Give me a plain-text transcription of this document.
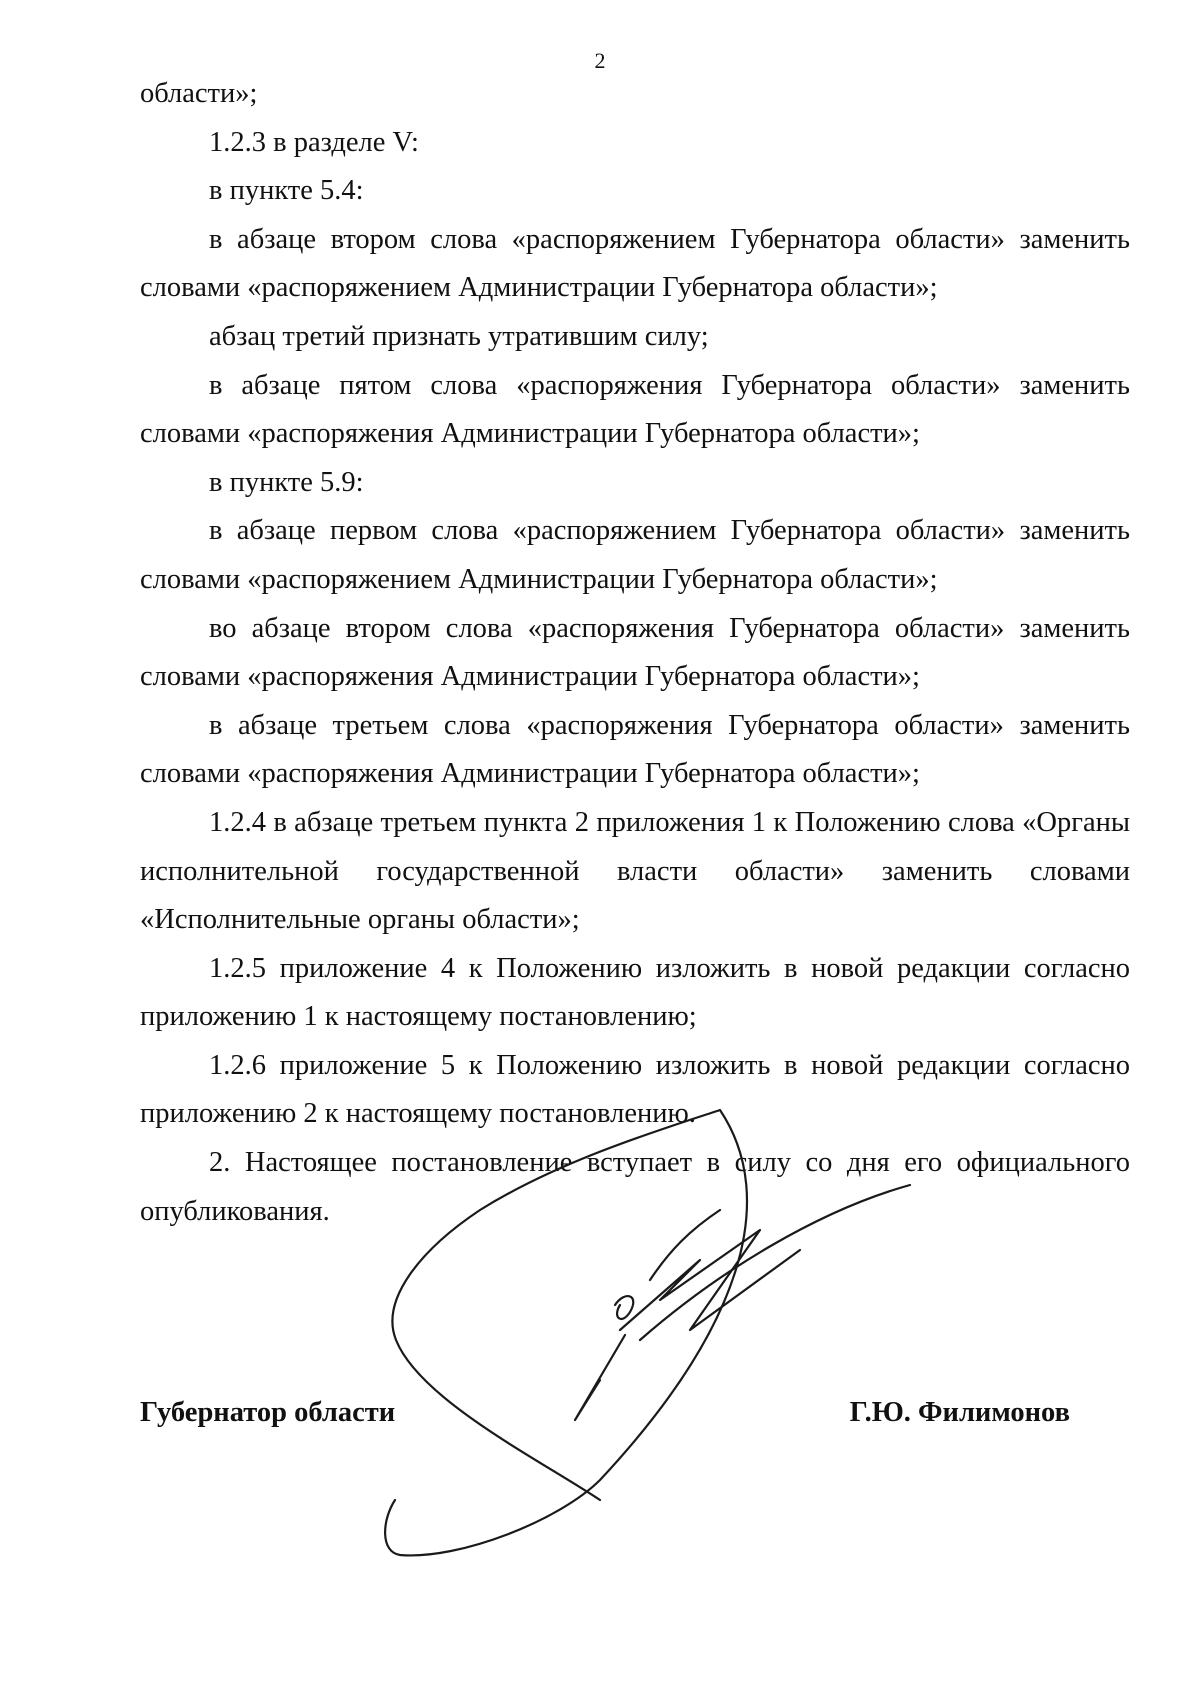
2

области»;

1.2.3 в разделе V:

в пункте 5.4:

в абзаце втором слова «распоряжением Губернатора области» заменить словами «распоряжением Администрации Губернатора области»;

абзац третий признать утратившим силу;

в абзаце пятом слова «распоряжения Губернатора области» заменить словами «распоряжения Администрации Губернатора области»;

в пункте 5.9:

в абзаце первом слова «распоряжением Губернатора области» заменить словами «распоряжением Администрации Губернатора области»;

во абзаце втором слова «распоряжения Губернатора области» заменить словами «распоряжения Администрации Губернатора области»;

в абзаце третьем слова «распоряжения Губернатора области» заменить словами «распоряжения Администрации Губернатора области»;

1.2.4 в абзаце третьем пункта 2 приложения 1 к Положению слова «Органы исполнительной государственной власти области» заменить словами «Исполнительные органы области»;

1.2.5 приложение 4 к Положению изложить в новой редакции согласно приложению 1 к настоящему постановлению;

1.2.6 приложение 5 к Положению изложить в новой редакции согласно приложению 2 к настоящему постановлению.

2. Настоящее постановление вступает в силу со дня его официального опубликования.

Губернатор области	Г.Ю. Филимонов
